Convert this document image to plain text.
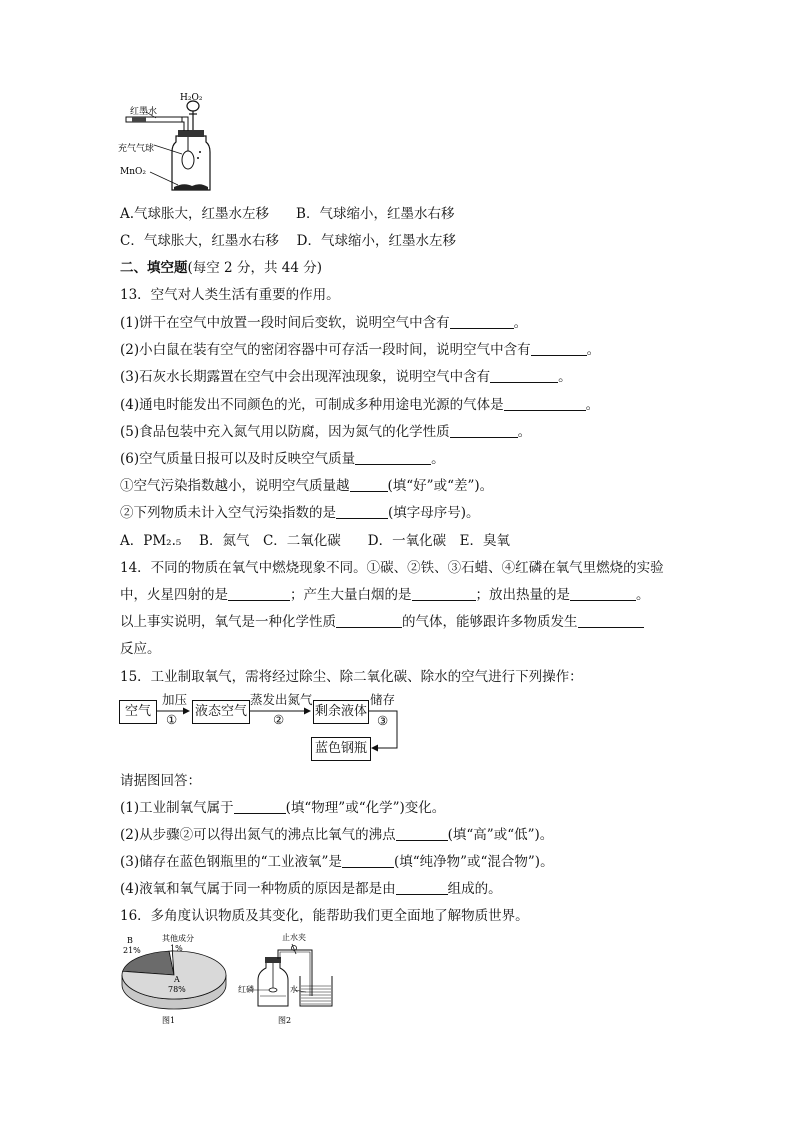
H₂O₂
红墨水
充气气球
MnO₂
A.气球胀大，红墨水左移　　B．气球缩小，红墨水右移
C．气球胀大，红墨水右移　 D．气球缩小，红墨水左移
二、填空题(每空 2 分，共 44 分)
13．空气对人类生活有重要的作用。
(1)饼干在空气中放置一段时间后变软，说明空气中含有	。
(2)小白鼠在装有空气的密闭容器中可存活一段时间，说明空气中含有	。
(3)石灰水长期露置在空气中会出现浑浊现象，说明空气中含有	。
(4)通电时能发出不同颜色的光，可制成多种用途电光源的气体是	。
(5)食品包装中充入氮气用以防腐，因为氮气的化学性质	。
(6)空气质量日报可以及时反映空气质量	。
①空气污染指数越小，说明空气质量越	(填“好”或“差”)。
②下列物质未计入空气污染指数的是	(填字母序号)。
A．PM₂.₅　 B．氮气　C．二氧化碳　　D．一氧化碳　E．臭氧
14．不同的物质在氧气中燃烧现象不同。①碳、②铁、③石蜡、④红磷在氧气里燃烧的实验
中，火星四射的是	；产生大量白烟的是	；放出热量的是	。
以上事实说明，氧气是一种化学性质	的气体，能够跟许多物质发生
反应。
15．工业制取氧气，需将经过除尘、除二氧化碳、除水的空气进行下列操作：
空气	液态空气	剩余液体
蓝色钢瓶
加压
①
蒸发出氮气
②
储存
③
请据图回答：
(1)工业制氧气属于	(填“物理”或“化学”)变化。
(2)从步骤②可以得出氮气的沸点比氧气的沸点	(填“高”或“低”)。
(3)储存在蓝色钢瓶里的“工业液氧”是	(填“纯净物”或“混合物”)。
(4)液氧和氧气属于同一种物质的原因是都是由	组成的。
16．多角度认识物质及其变化，能帮助我们更全面地了解物质世界。
B
21%
其他成分
1%
A
78%
图1
止水夹
红磷	水
图2
